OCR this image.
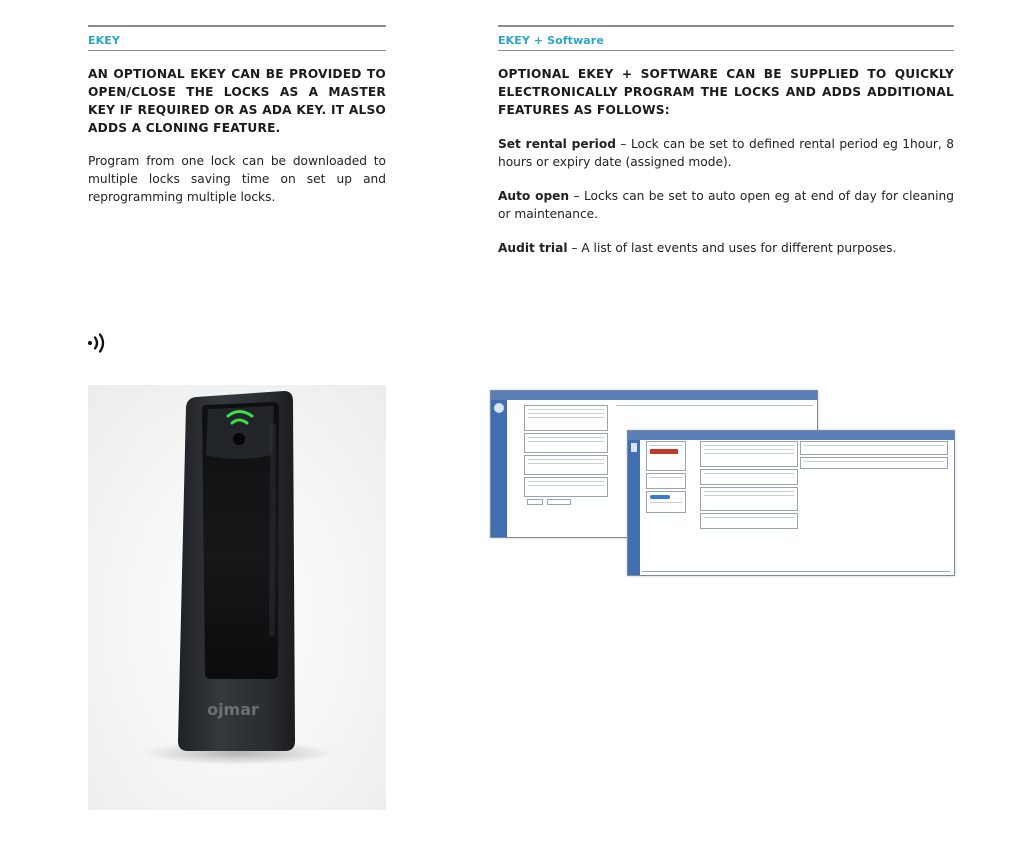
EKEY

AN OPTIONAL EKEY CAN BE PROVIDED TO OPEN/CLOSE THE LOCKS AS A MASTER KEY IF REQUIRED OR AS ADA KEY. IT ALSO ADDS A CLONING FEATURE.

Program from one lock can be downloaded to multiple locks saving time on set up and reprogramming multiple locks.

EKEY + Software

OPTIONAL EKEY + SOFTWARE CAN BE SUPPLIED TO QUICKLY ELECTRONICALLY PROGRAM THE LOCKS AND ADDS ADDITIONAL FEATURES AS FOLLOWS:

Set rental period – Lock can be set to defined rental period eg 1hour, 8 hours or expiry date (assigned mode).

Auto open – Locks can be set to auto open eg at end of day for cleaning or maintenance.

Audit trial – A list of last events and uses for different purposes.

ojmar
